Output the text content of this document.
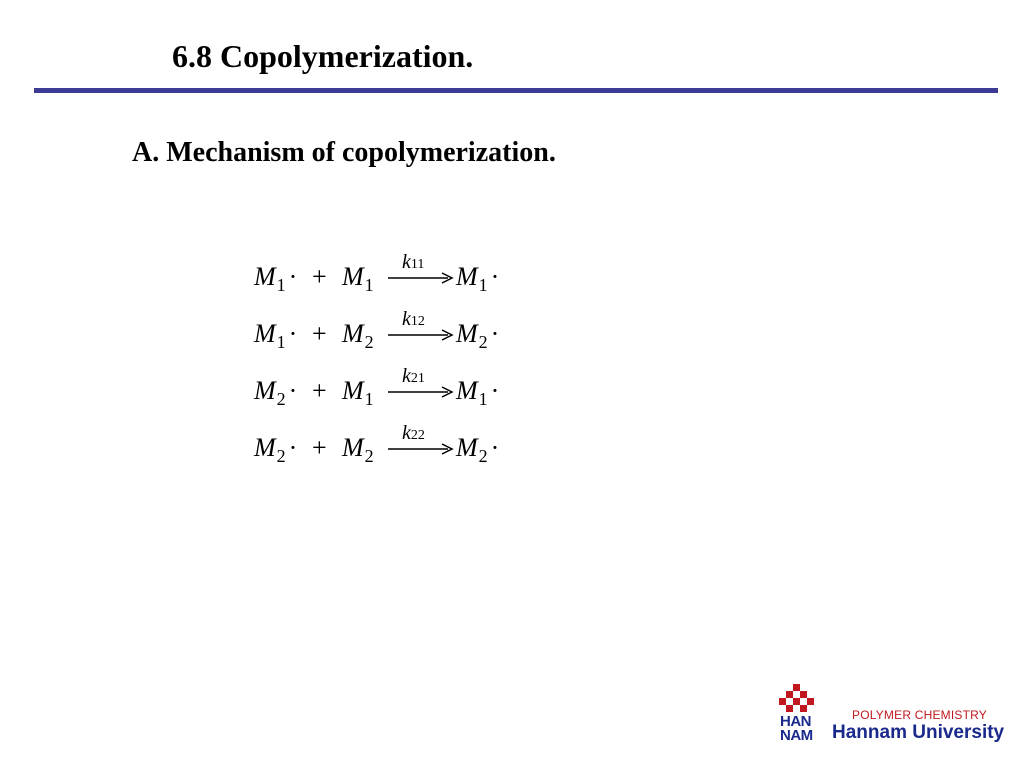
6.8 Copolymerization.
A. Mechanism of copolymerization.
$M_1$ · + $M_1$
k11 $M_1$ ·
$M_1$ · + $M_2$
k12 $M_2$ ·
$M_2$ · + $M_1$
k21 $M_1$ ·
$M_2$ · + $M_2$
k22 $M_2$ ·
HAN
NAM
POLYMER CHEMISTRY
Hannam University
